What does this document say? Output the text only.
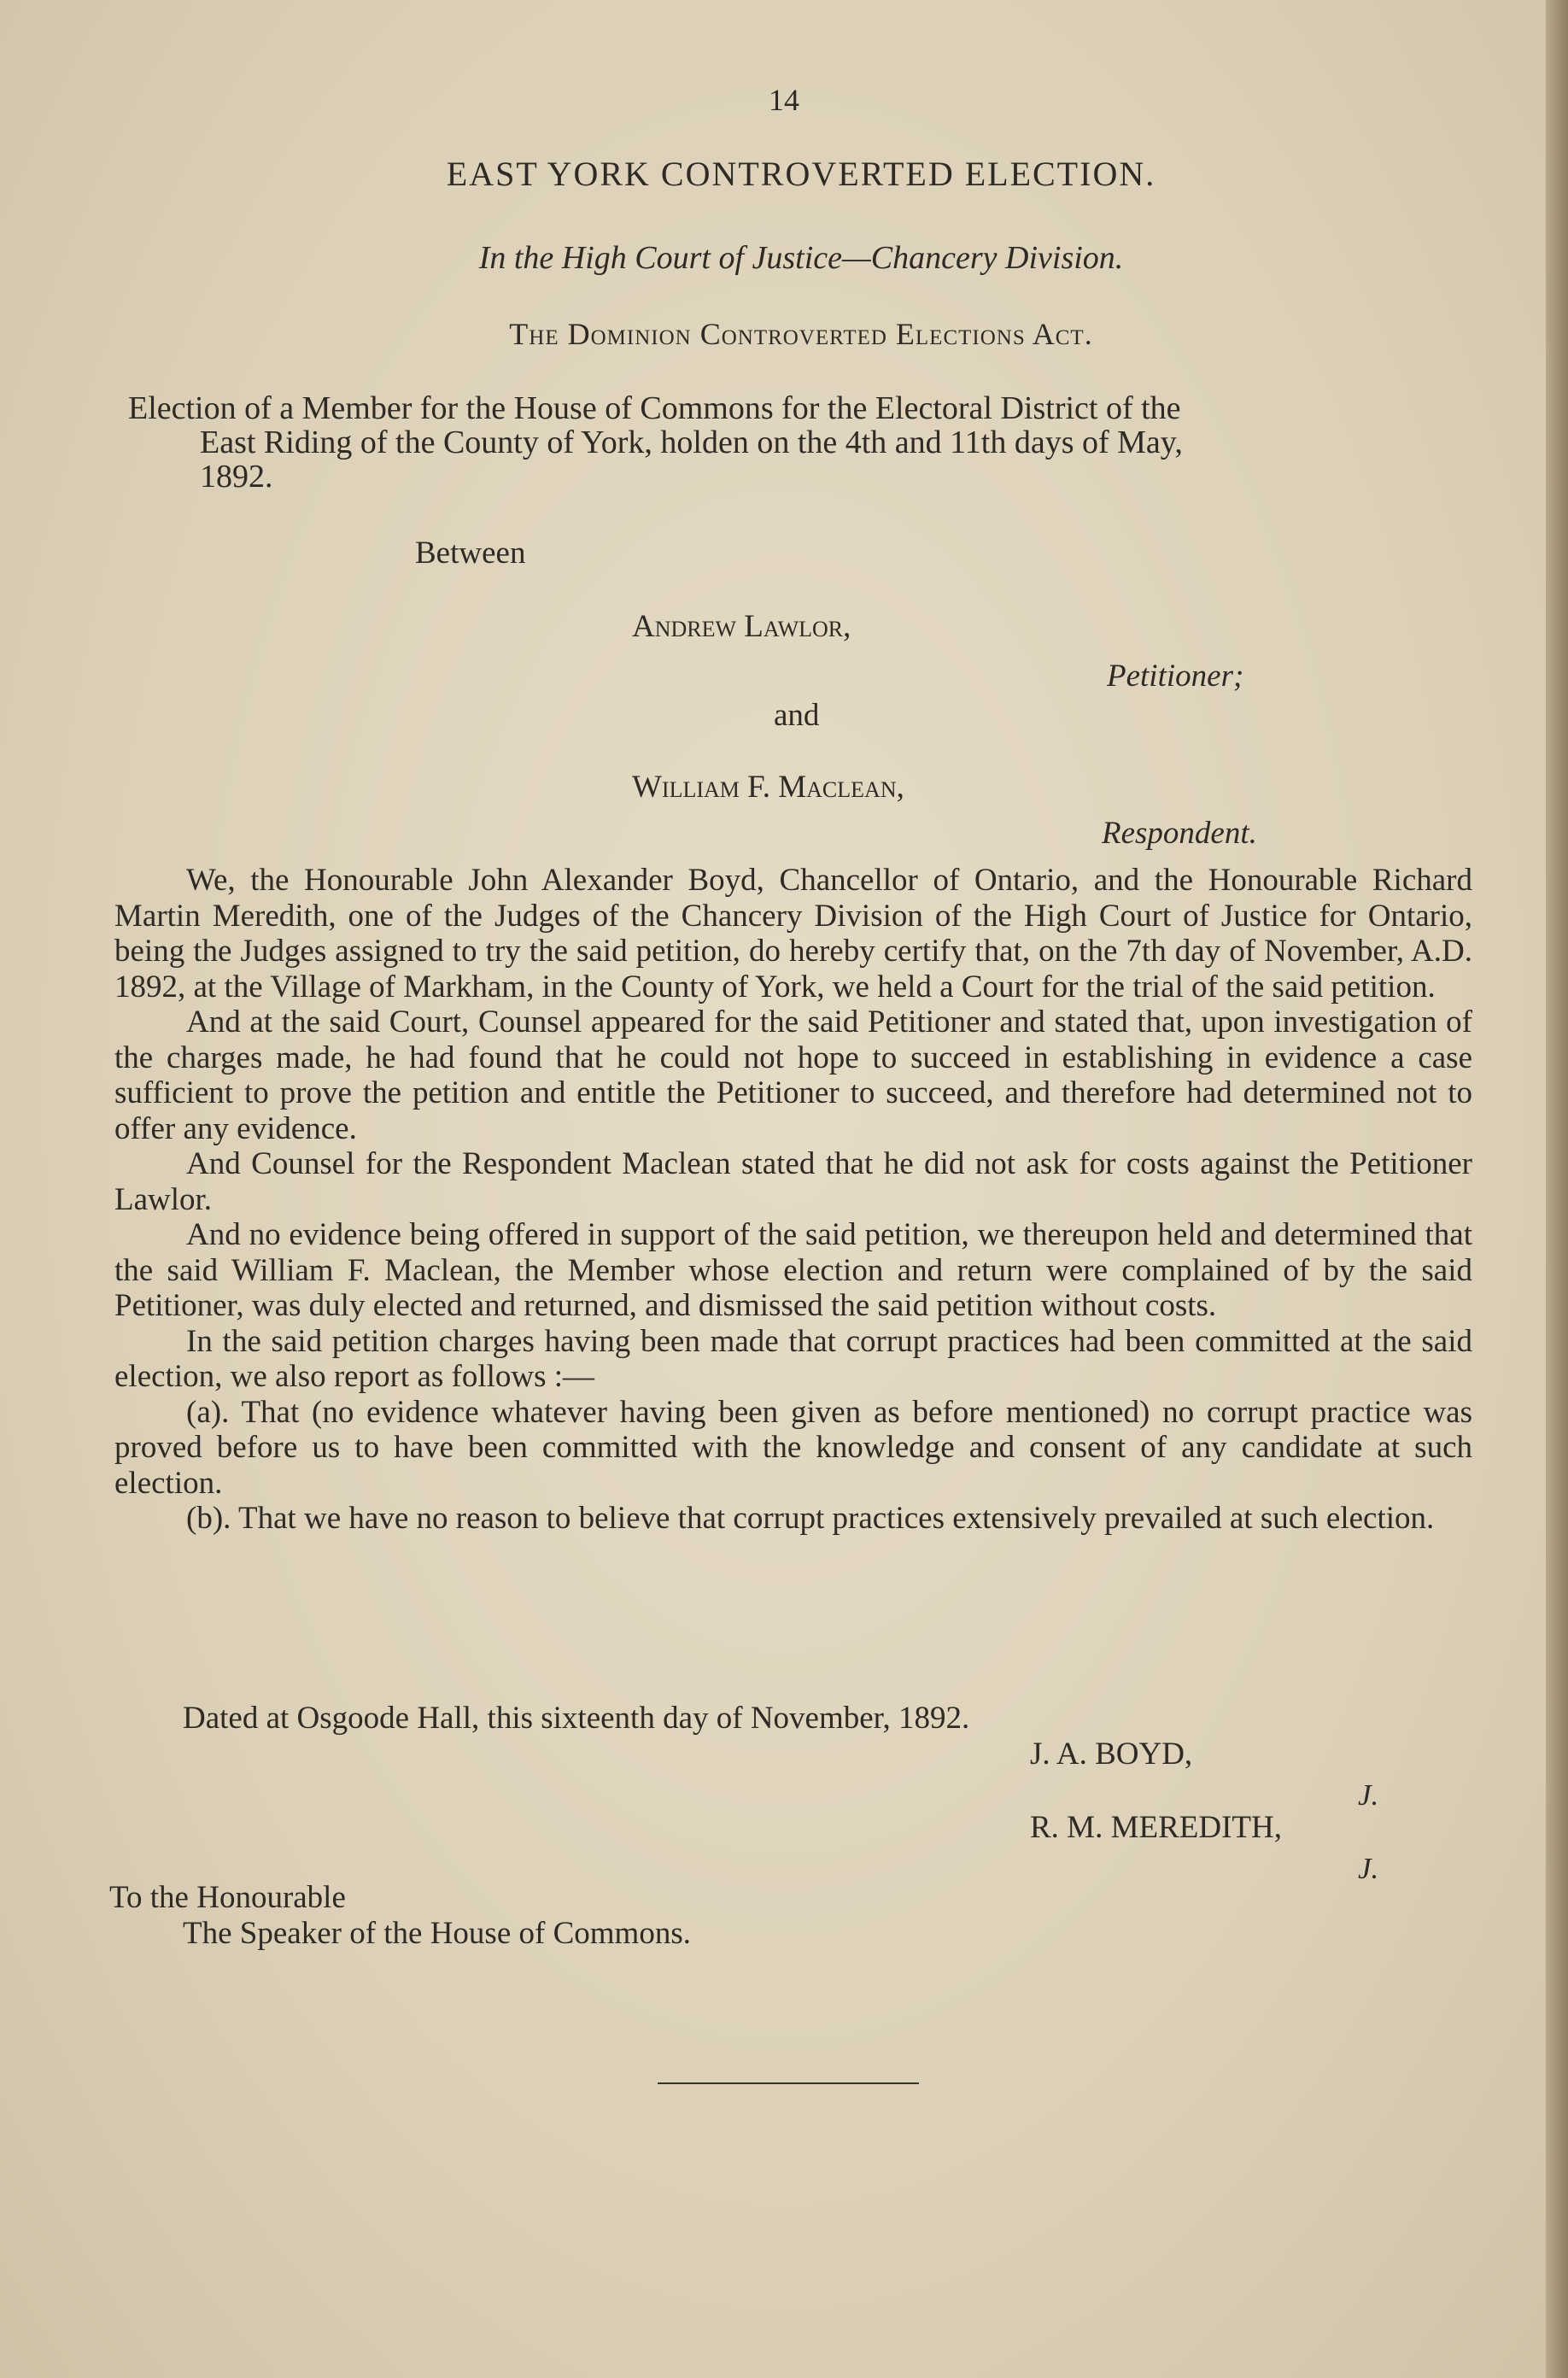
14
EAST YORK CONTROVERTED ELECTION.
In the High Court of Justice—Chancery Division.
The Dominion Controverted Elections Act.
Election of a Member for the House of Commons for the Electoral District of the
East Riding of the County of York, holden on the 4th and 11th days of May,
1892.
Between
Andrew Lawlor,
Petitioner;
and
William F. Maclean,
Respondent.

We, the Honourable John Alexander Boyd, Chancellor of Ontario, and the Honourable Richard Martin Meredith, one of the Judges of the Chancery Division of the High Court of Justice for Ontario, being the Judges assigned to try the said petition, do hereby certify that, on the 7th day of November, A.D. 1892, at the Village of Markham, in the County of York, we held a Court for the trial of the said petition.

And at the said Court, Counsel appeared for the said Petitioner and stated that, upon investigation of the charges made, he had found that he could not hope to succeed in establishing in evidence a case sufficient to prove the petition and entitle the Petitioner to succeed, and therefore had determined not to offer any evidence.

And Counsel for the Respondent Maclean stated that he did not ask for costs against the Petitioner Lawlor.

And no evidence being offered in support of the said petition, we thereupon held and determined that the said William F. Maclean, the Member whose election and return were complained of by the said Petitioner, was duly elected and returned, and dismissed the said petition without costs.

In the said petition charges having been made that corrupt practices had been committed at the said election, we also report as follows :—

(a). That (no evidence whatever having been given as before mentioned) no corrupt practice was proved before us to have been committed with the knowledge and consent of any candidate at such election.

(b). That we have no reason to believe that corrupt practices extensively prevailed at such election.

Dated at Osgoode Hall, this sixteenth day of November, 1892.
J. A. BOYD,
J.
R. M. MEREDITH,
J.
To the Honourable
The Speaker of the House of Commons.
